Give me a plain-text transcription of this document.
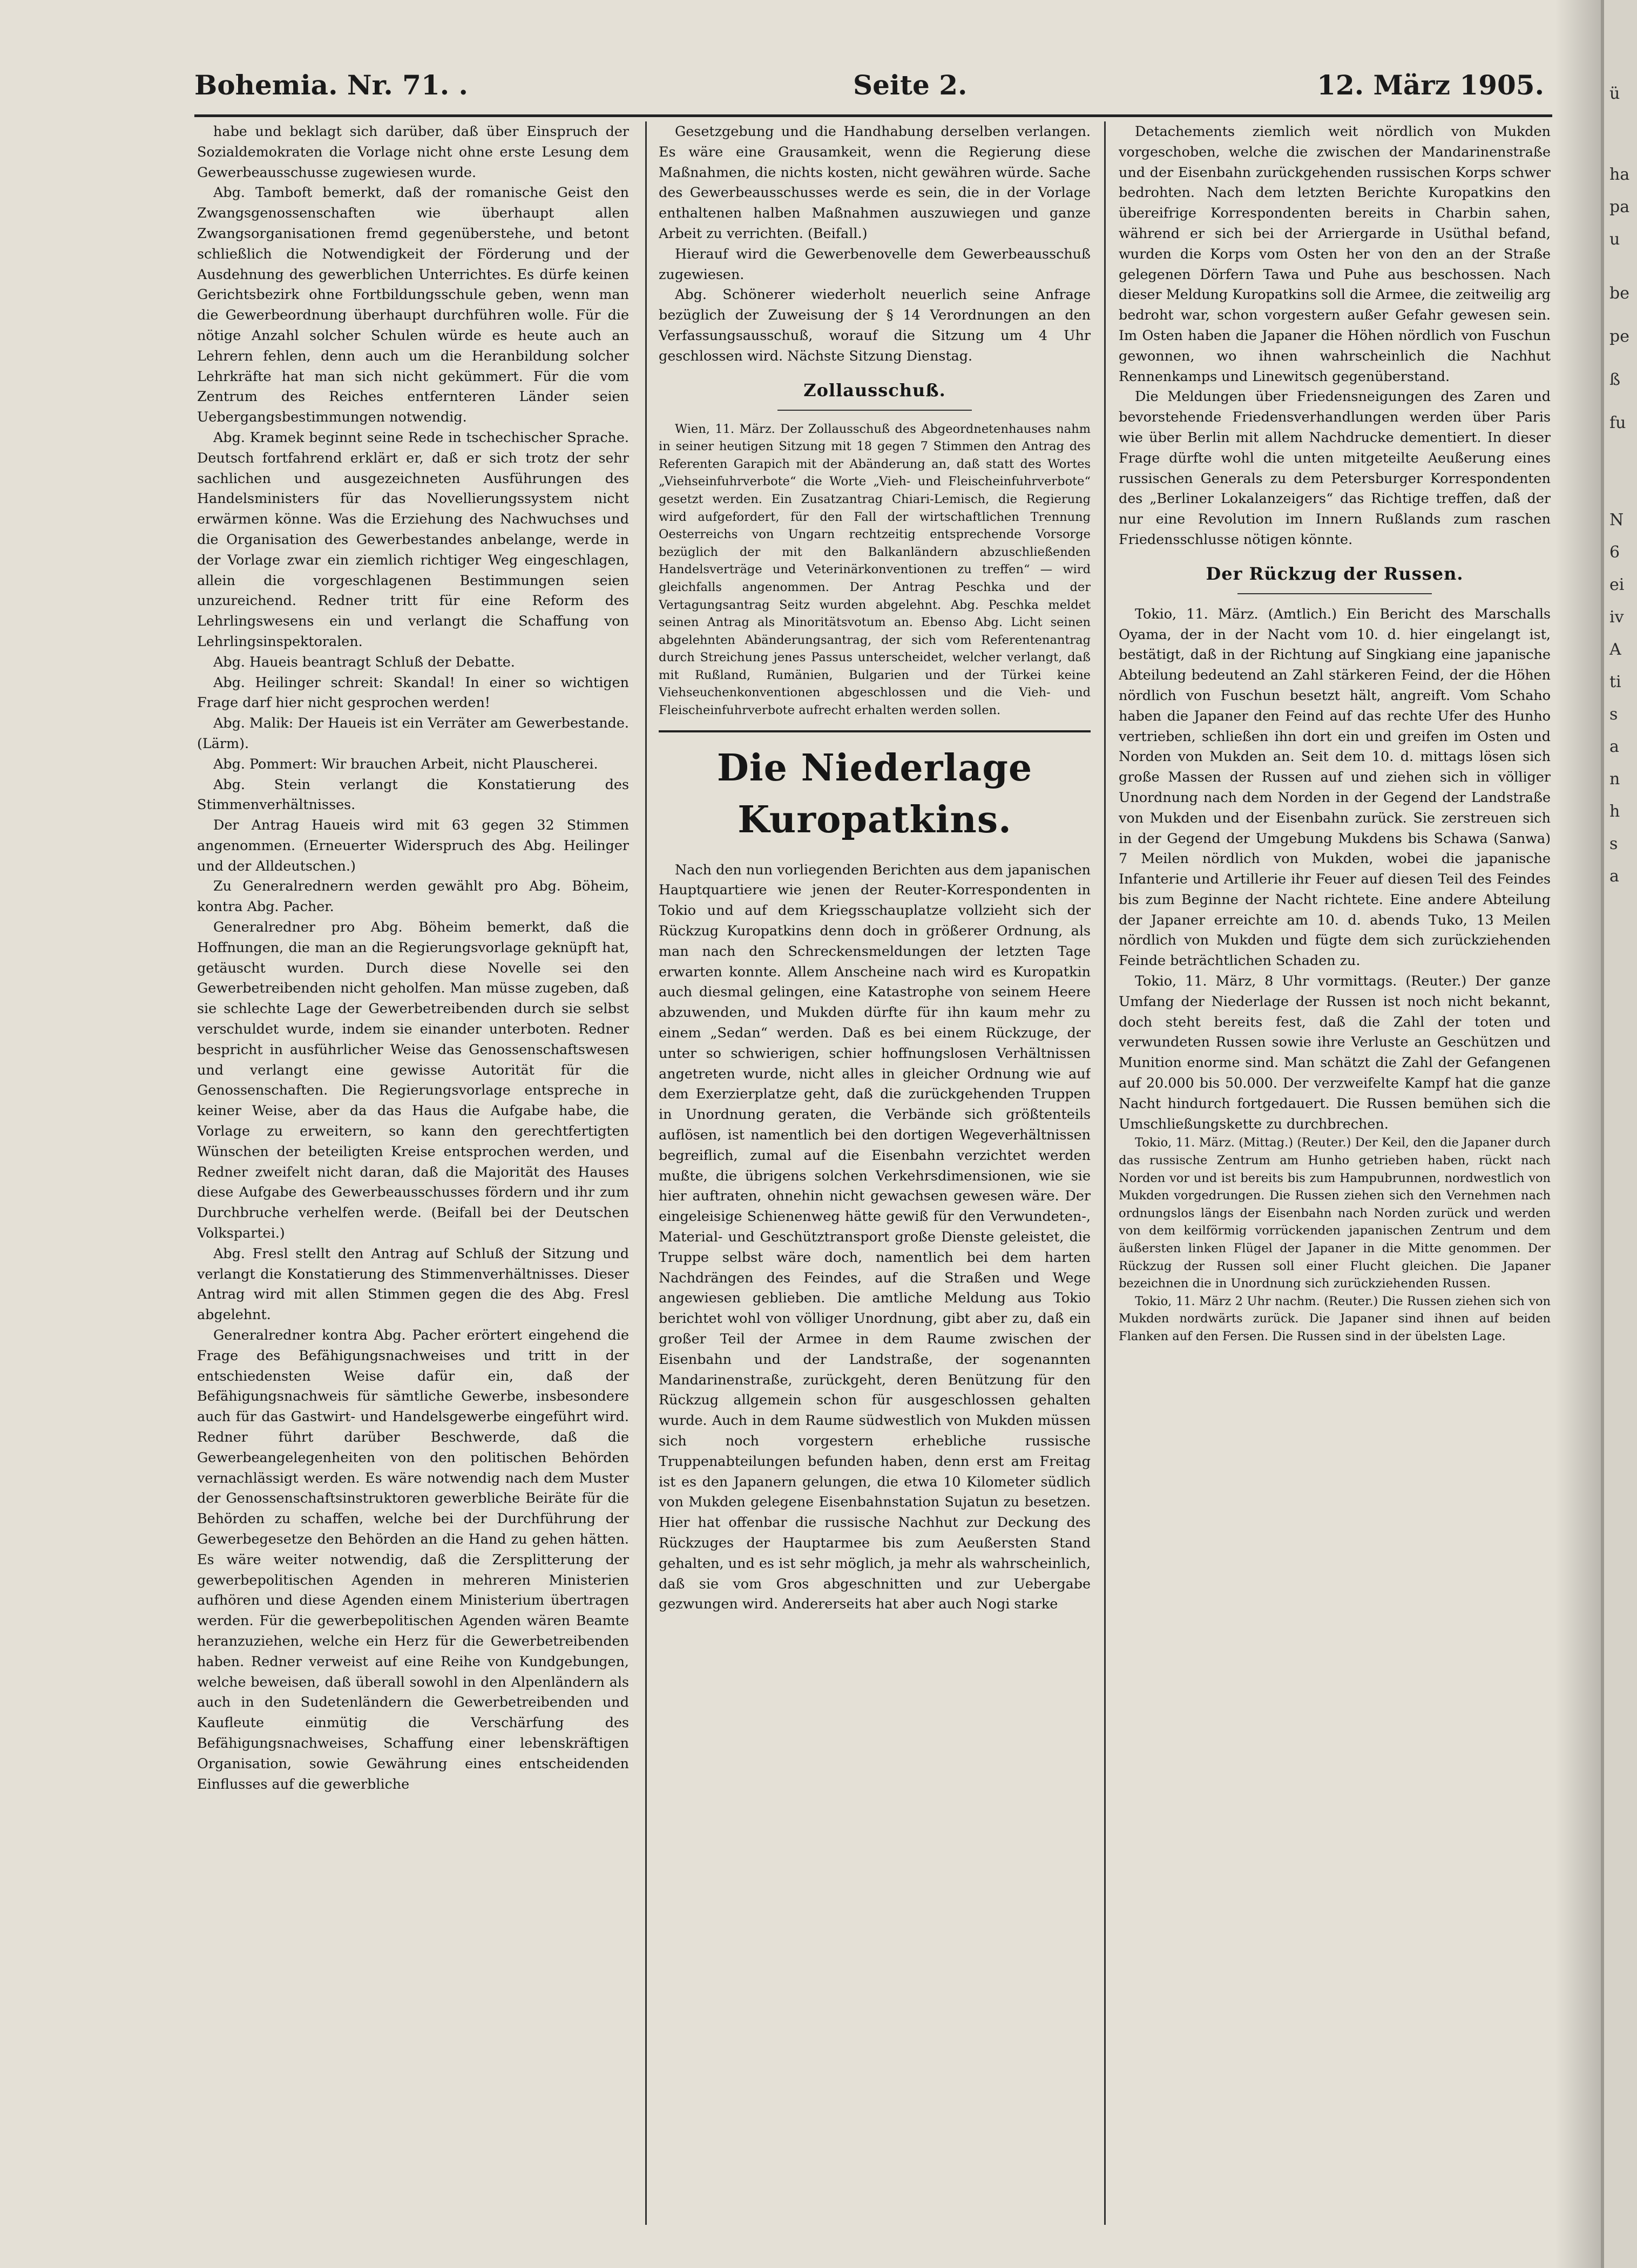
ü
ha
pa
u
be
pe
ß
fu
N
6
ei
iv
A
ti
s
a
n
h
s
a
Bohemia. Nr. 71. .	Seite 2.	12. März 1905.

habe und beklagt sich darüber, daß über Einspruch der Sozialdemokraten die Vorlage nicht ohne erste Lesung dem Gewerbeausschusse zugewiesen wurde.

Abg. Tamboft bemerkt, daß der romanische Geist den Zwangsgenossenschaften wie überhaupt allen Zwangsorganisationen fremd gegenüberstehe, und betont schließlich die Notwendigkeit der Förderung und der Ausdehnung des gewerblichen Unterrichtes. Es dürfe keinen Gerichtsbezirk ohne Fortbildungsschule geben, wenn man die Gewerbeordnung überhaupt durchführen wolle. Für die nötige Anzahl solcher Schulen würde es heute auch an Lehrern fehlen, denn auch um die Heranbildung solcher Lehrkräfte hat man sich nicht gekümmert. Für die vom Zentrum des Reiches entfernteren Länder seien Uebergangsbestimmungen notwendig.

Abg. Kramek beginnt seine Rede in tschechischer Sprache. Deutsch fortfahrend erklärt er, daß er sich trotz der sehr sachlichen und ausgezeichneten Ausführungen des Handelsministers für das Novellierungssystem nicht erwärmen könne. Was die Erziehung des Nachwuchses und die Organisation des Gewerbestandes anbelange, werde in der Vorlage zwar ein ziemlich richtiger Weg eingeschlagen, allein die vorgeschlagenen Bestimmungen seien unzureichend. Redner tritt für eine Reform des Lehrlingswesens ein und verlangt die Schaffung von Lehrlingsinspektoralen.

Abg. Haueis beantragt Schluß der Debatte.

Abg. Heilinger schreit: Skandal! In einer so wichtigen Frage darf hier nicht gesprochen werden!

Abg. Malik: Der Haueis ist ein Verräter am Gewerbestande. (Lärm).

Abg. Pommert: Wir brauchen Arbeit, nicht Plauscherei.

Abg. Stein verlangt die Konstatierung des Stimmenverhältnisses.

Der Antrag Haueis wird mit 63 gegen 32 Stimmen angenommen. (Erneuerter Widerspruch des Abg. Heilinger und der Alldeutschen.)

Zu Generalrednern werden gewählt pro Abg. Böheim, kontra Abg. Pacher.

Generalredner pro Abg. Böheim bemerkt, daß die Hoffnungen, die man an die Regierungsvorlage geknüpft hat, getäuscht wurden. Durch diese Novelle sei den Gewerbetreibenden nicht geholfen. Man müsse zugeben, daß sie schlechte Lage der Gewerbetreibenden durch sie selbst verschuldet wurde, indem sie einander unterboten. Redner bespricht in ausführlicher Weise das Genossenschaftswesen und verlangt eine gewisse Autorität für die Genossenschaften. Die Regierungsvorlage entspreche in keiner Weise, aber da das Haus die Aufgabe habe, die Vorlage zu erweitern, so kann den gerechtfertigten Wünschen der beteiligten Kreise entsprochen werden, und Redner zweifelt nicht daran, daß die Majorität des Hauses diese Aufgabe des Gewerbeausschusses fördern und ihr zum Durchbruche verhelfen werde. (Beifall bei der Deutschen Volkspartei.)

Abg. Fresl stellt den Antrag auf Schluß der Sitzung und verlangt die Konstatierung des Stimmenverhältnisses. Dieser Antrag wird mit allen Stimmen gegen die des Abg. Fresl abgelehnt.

Generalredner kontra Abg. Pacher erörtert eingehend die Frage des Befähigungsnachweises und tritt in der entschiedensten Weise dafür ein, daß der Befähigungsnachweis für sämtliche Gewerbe, insbesondere auch für das Gastwirt- und Handelsgewerbe eingeführt wird. Redner führt darüber Beschwerde, daß die Gewerbeangelegenheiten von den politischen Behörden vernachlässigt werden. Es wäre notwendig nach dem Muster der Genossenschaftsinstruktoren gewerbliche Beiräte für die Behörden zu schaffen, welche bei der Durchführung der Gewerbegesetze den Behörden an die Hand zu gehen hätten. Es wäre weiter notwendig, daß die Zersplitterung der gewerbepolitischen Agenden in mehreren Ministerien aufhören und diese Agenden einem Ministerium übertragen werden. Für die gewerbepolitischen Agenden wären Beamte heranzuziehen, welche ein Herz für die Gewerbetreibenden haben. Redner verweist auf eine Reihe von Kundgebungen, welche beweisen, daß überall sowohl in den Alpenländern als auch in den Sudetenländern die Gewerbetreibenden und Kaufleute einmütig die Verschärfung des Befähigungsnachweises, Schaffung einer lebenskräftigen Organisation, sowie Gewährung eines entscheidenden Einflusses auf die gewerbliche

Gesetzgebung und die Handhabung derselben verlangen. Es wäre eine Grausamkeit, wenn die Regierung diese Maßnahmen, die nichts kosten, nicht gewähren würde. Sache des Gewerbeausschusses werde es sein, die in der Vorlage enthaltenen halben Maßnahmen auszuwiegen und ganze Arbeit zu verrichten. (Beifall.)

Hierauf wird die Gewerbenovelle dem Gewerbeausschuß zugewiesen.

Abg. Schönerer wiederholt neuerlich seine Anfrage bezüglich der Zuweisung der § 14 Verordnungen an den Verfassungsausschuß, worauf die Sitzung um 4 Uhr geschlossen wird. Nächste Sitzung Dienstag.

Zollausschuß.

Wien, 11. März. Der Zollausschuß des Abgeordnetenhauses nahm in seiner heutigen Sitzung mit 18 gegen 7 Stimmen den Antrag des Referenten Garapich mit der Abänderung an, daß statt des Wortes „Viehseinfuhrverbote“ die Worte „Vieh- und Fleischeinfuhrverbote“ gesetzt werden. Ein Zusatzantrag Chiari-Lemisch, die Regierung wird aufgefordert, für den Fall der wirtschaftlichen Trennung Oesterreichs von Ungarn rechtzeitig entsprechende Vorsorge bezüglich der mit den Balkanländern abzuschließenden Handelsverträge und Veterinärkonventionen zu treffen“ — wird gleichfalls angenommen. Der Antrag Peschka und der Vertagungsantrag Seitz wurden abgelehnt. Abg. Peschka meldet seinen Antrag als Minoritätsvotum an. Ebenso Abg. Licht seinen abgelehnten Abänderungsantrag, der sich vom Referentenantrag durch Streichung jenes Passus unterscheidet, welcher verlangt, daß mit Rußland, Rumänien, Bulgarien und der Türkei keine Viehseuchenkonventionen abgeschlossen und die Vieh- und Fleischeinfuhrverbote aufrecht erhalten werden sollen.

Die Niederlage Kuropatkins.

Nach den nun vorliegenden Berichten aus dem japanischen Hauptquartiere wie jenen der Reuter-Korrespondenten in Tokio und auf dem Kriegsschauplatze vollzieht sich der Rückzug Kuropatkins denn doch in größerer Ordnung, als man nach den Schreckensmeldungen der letzten Tage erwarten konnte. Allem Anscheine nach wird es Kuropatkin auch diesmal gelingen, eine Katastrophe von seinem Heere abzuwenden, und Mukden dürfte für ihn kaum mehr zu einem „Sedan“ werden. Daß es bei einem Rückzuge, der unter so schwierigen, schier hoffnungslosen Verhältnissen angetreten wurde, nicht alles in gleicher Ordnung wie auf dem Exerzierplatze geht, daß die zurückgehenden Truppen in Unordnung geraten, die Verbände sich größtenteils auflösen, ist namentlich bei den dortigen Wegeverhältnissen begreiflich, zumal auf die Eisenbahn verzichtet werden mußte, die übrigens solchen Verkehrsdimensionen, wie sie hier auftraten, ohnehin nicht gewachsen gewesen wäre. Der eingeleisige Schienenweg hätte gewiß für den Verwundeten-, Material- und Geschütztransport große Dienste geleistet, die Truppe selbst wäre doch, namentlich bei dem harten Nachdrängen des Feindes, auf die Straßen und Wege angewiesen geblieben. Die amtliche Meldung aus Tokio berichtet wohl von völliger Unordnung, gibt aber zu, daß ein großer Teil der Armee in dem Raume zwischen der Eisenbahn und der Landstraße, der sogenannten Mandarinenstraße, zurückgeht, deren Benützung für den Rückzug allgemein schon für ausgeschlossen gehalten wurde. Auch in dem Raume südwestlich von Mukden müssen sich noch vorgestern erhebliche russische Truppenabteilungen befunden haben, denn erst am Freitag ist es den Japanern gelungen, die etwa 10 Kilometer südlich von Mukden gelegene Eisenbahnstation Sujatun zu besetzen. Hier hat offenbar die russische Nachhut zur Deckung des Rückzuges der Hauptarmee bis zum Aeußersten Stand gehalten, und es ist sehr möglich, ja mehr als wahrscheinlich, daß sie vom Gros abgeschnitten und zur Uebergabe gezwungen wird. Andererseits hat aber auch Nogi starke

Detachements ziemlich weit nördlich von Mukden vorgeschoben, welche die zwischen der Mandarinenstraße und der Eisenbahn zurückgehenden russischen Korps schwer bedrohten. Nach dem letzten Berichte Kuropatkins den übereifrige Korrespondenten bereits in Charbin sahen, während er sich bei der Arriergarde in Usüthal befand, wurden die Korps vom Osten her von den an der Straße gelegenen Dörfern Tawa und Puhe aus beschossen. Nach dieser Meldung Kuropatkins soll die Armee, die zeitweilig arg bedroht war, schon vorgestern außer Gefahr gewesen sein. Im Osten haben die Japaner die Höhen nördlich von Fuschun gewonnen, wo ihnen wahrscheinlich die Nachhut Rennenkamps und Linewitsch gegenüberstand.

Die Meldungen über Friedensneigungen des Zaren und bevorstehende Friedensverhandlungen werden über Paris wie über Berlin mit allem Nachdrucke dementiert. In dieser Frage dürfte wohl die unten mitgeteilte Aeußerung eines russischen Generals zu dem Petersburger Korrespondenten des „Berliner Lokalanzeigers“ das Richtige treffen, daß der nur eine Revolution im Innern Rußlands zum raschen Friedensschlusse nötigen könnte.

Der Rückzug der Russen.

Tokio, 11. März. (Amtlich.) Ein Bericht des Marschalls Oyama, der in der Nacht vom 10. d. hier eingelangt ist, bestätigt, daß in der Richtung auf Singkiang eine japanische Abteilung bedeutend an Zahl stärkeren Feind, der die Höhen nördlich von Fuschun besetzt hält, angreift. Vom Schaho haben die Japaner den Feind auf das rechte Ufer des Hunho vertrieben, schließen ihn dort ein und greifen im Osten und Norden von Mukden an. Seit dem 10. d. mittags lösen sich große Massen der Russen auf und ziehen sich in völliger Unordnung nach dem Norden in der Gegend der Landstraße von Mukden und der Eisenbahn zurück. Sie zerstreuen sich in der Gegend der Umgebung Mukdens bis Schawa (Sanwa) 7 Meilen nördlich von Mukden, wobei die japanische Infanterie und Artillerie ihr Feuer auf diesen Teil des Feindes bis zum Beginne der Nacht richtete. Eine andere Abteilung der Japaner erreichte am 10. d. abends Tuko, 13 Meilen nördlich von Mukden und fügte dem sich zurückziehenden Feinde beträchtlichen Schaden zu.

Tokio, 11. März, 8 Uhr vormittags. (Reuter.) Der ganze Umfang der Niederlage der Russen ist noch nicht bekannt, doch steht bereits fest, daß die Zahl der toten und verwundeten Russen sowie ihre Verluste an Geschützen und Munition enorme sind. Man schätzt die Zahl der Gefangenen auf 20.000 bis 50.000. Der verzweifelte Kampf hat die ganze Nacht hindurch fortgedauert. Die Russen bemühen sich die Umschließungskette zu durchbrechen.

Tokio, 11. März. (Mittag.) (Reuter.) Der Keil, den die Japaner durch das russische Zentrum am Hunho getrieben haben, rückt nach Norden vor und ist bereits bis zum Hampubrunnen, nordwestlich von Mukden vorgedrungen. Die Russen ziehen sich den Vernehmen nach ordnungslos längs der Eisenbahn nach Norden zurück und werden von dem keilförmig vorrückenden japanischen Zentrum und dem äußersten linken Flügel der Japaner in die Mitte genommen. Der Rückzug der Russen soll einer Flucht gleichen. Die Japaner bezeichnen die in Unordnung sich zurückziehenden Russen.

Tokio, 11. März 2 Uhr nachm. (Reuter.) Die Russen ziehen sich von Mukden nordwärts zurück. Die Japaner sind ihnen auf beiden Flanken auf den Fersen. Die Russen sind in der übelsten Lage.
